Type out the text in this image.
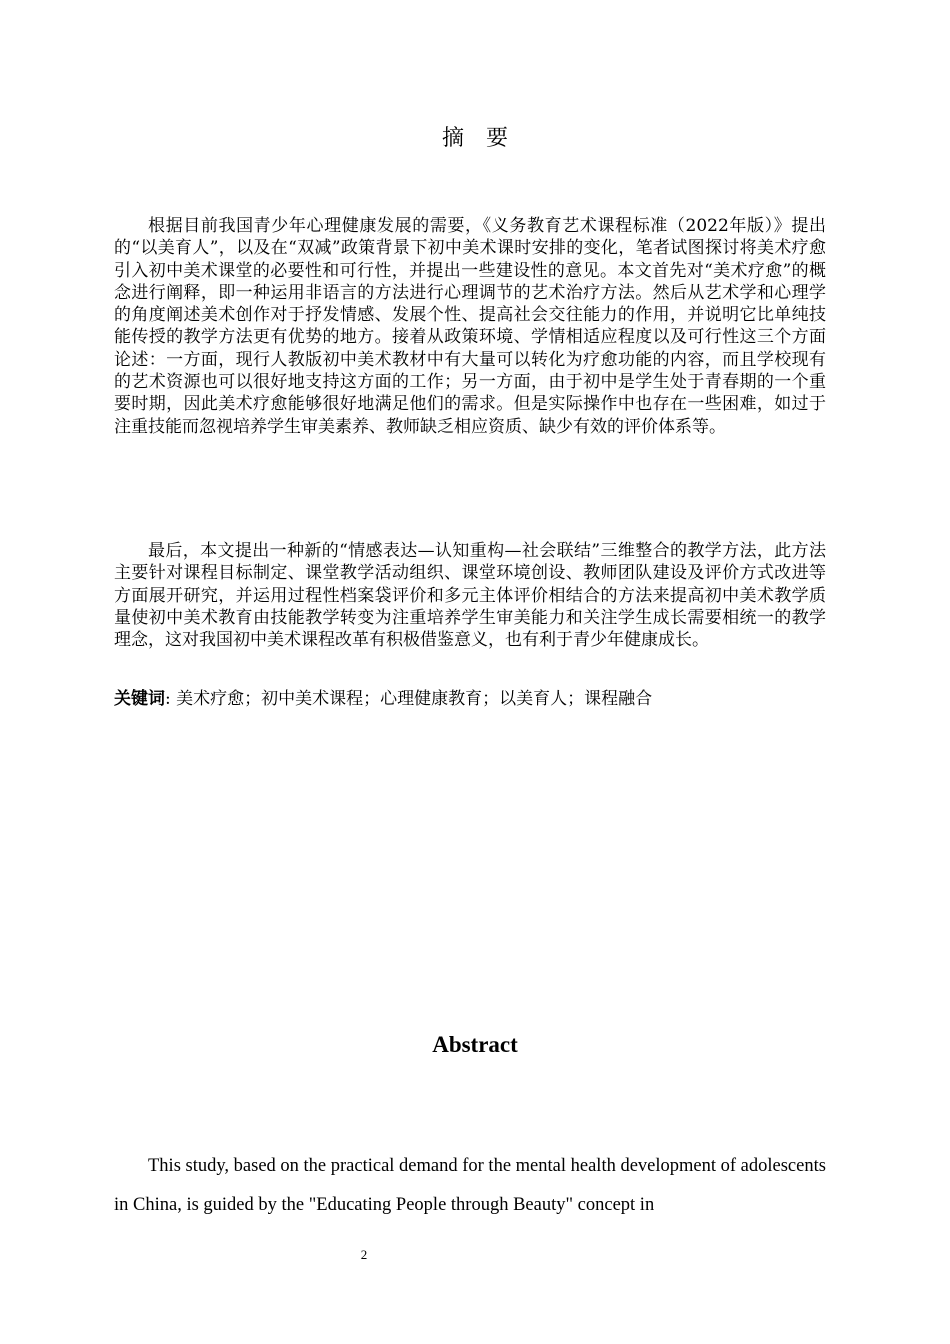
摘要

根据目前我国青少年心理健康发展的需要，《义务教育艺术课程标准（2022年版）》提出的“以美育人”，以及在“双减”政策背景下初中美术课时安排的变化，笔者试图探讨将美术疗愈引入初中美术课堂的必要性和可行性，并提出一些建设性的意见。本文首先对“美术疗愈”的概念进行阐释，即一种运用非语言的方法进行心理调节的艺术治疗方法。然后从艺术学和心理学的角度阐述美术创作对于抒发情感、发展个性、提高社会交往能力的作用，并说明它比单纯技能传授的教学方法更有优势的地方。接着从政策环境、学情相适应程度以及可行性这三个方面论述：一方面，现行人教版初中美术教材中有大量可以转化为疗愈功能的内容，而且学校现有的艺术资源也可以很好地支持这方面的工作；另一方面，由于初中是学生处于青春期的一个重要时期，因此美术疗愈能够很好地满足他们的需求。但是实际操作中也存在一些困难，如过于注重技能而忽视培养学生审美素养、教师缺乏相应资质、缺少有效的评价体系等。

最后，本文提出一种新的“情感表达—认知重构—社会联结”三维整合的教学方法，此方法主要针对课程目标制定、课堂教学活动组织、课堂环境创设、教师团队建设及评价方式改进等方面展开研究，并运用过程性档案袋评价和多元主体评价相结合的方法来提高初中美术教学质量使初中美术教育由技能教学转变为注重培养学生审美能力和关注学生成长需要相统一的教学理念，这对我国初中美术课程改革有积极借鉴意义，也有利于青少年健康成长。

关键词: 美术疗愈；初中美术课程；心理健康教育；以美育人；课程融合

Abstract

This study, based on the practical demand for the mental health development of adolescents in China, is guided by the "Educating People through Beauty" concept in

2
